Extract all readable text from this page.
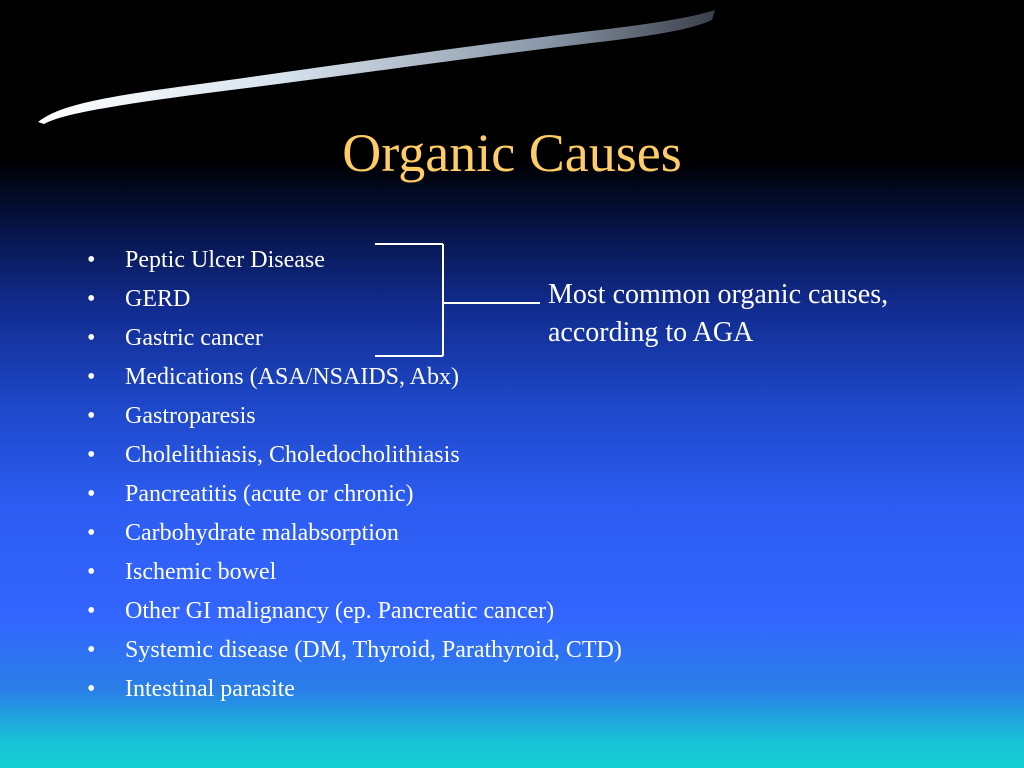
Organic Causes
•	Peptic Ulcer Disease
•	GERD
•	Gastric cancer
•	Medications (ASA/NSAIDS, Abx)
•	Gastroparesis
•	Cholelithiasis, Choledocholithiasis
•	Pancreatitis (acute or chronic)
•	Carbohydrate malabsorption
•	Ischemic bowel
•	Other GI malignancy (ep. Pancreatic cancer)
•	Systemic disease (DM, Thyroid, Parathyroid, CTD)
•	Intestinal parasite
Most common organic causes,
according to AGA
